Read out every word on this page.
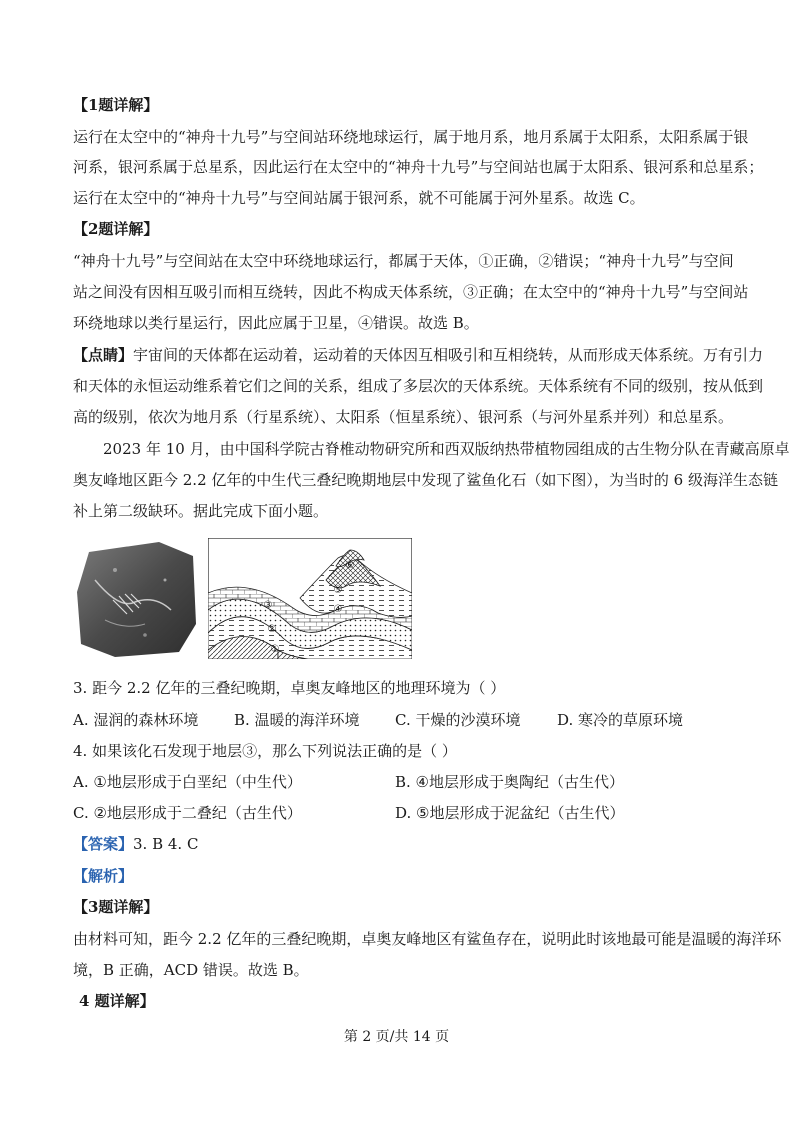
【1题详解】
运行在太空中的“神舟十九号”与空间站环绕地球运行，属于地月系，地月系属于太阳系，太阳系属于银
河系，银河系属于总星系，因此运行在太空中的“神舟十九号”与空间站也属于太阳系、银河系和总星系；
运行在太空中的“神舟十九号”与空间站属于银河系，就不可能属于河外星系。故选 C。
【2题详解】
“神舟十九号”与空间站在太空中环绕地球运行，都属于天体，①正确，②错误；“神舟十九号”与空间
站之间没有因相互吸引而相互绕转，因此不构成天体系统，③正确；在太空中的“神舟十九号”与空间站
环绕地球以类行星运行，因此应属于卫星，④错误。故选 B。
【点睛】宇宙间的天体都在运动着，运动着的天体因互相吸引和互相绕转，从而形成天体系统。万有引力
和天体的永恒运动维系着它们之间的关系，组成了多层次的天体系统。天体系统有不同的级别，按从低到
高的级别，依次为地月系（行星系统）、太阳系（恒星系统）、银河系（与河外星系并列）和总星系。
2023 年 10 月，由中国科学院古脊椎动物研究所和西双版纳热带植物园组成的古生物分队在青藏高原卓
奥友峰地区距今 2.2 亿年的中生代三叠纪晚期地层中发现了鲨鱼化石（如下图），为当时的 6 级海洋生态链
补上第二级缺环。据此完成下面小题。
①
②
③	④
⑤
⑥
3. 距今 2.2 亿年的三叠纪晚期，卓奥友峰地区的地理环境为（ ）
A. 湿润的森林环境 B. 温暖的海洋环境 C. 干燥的沙漠环境 D. 寒冷的草原环境
4. 如果该化石发现于地层③，那么下列说法正确的是（ ）
A. ①地层形成于白垩纪（中生代）	B. ④地层形成于奥陶纪（古生代）
C. ②地层形成于二叠纪（古生代）	D. ⑤地层形成于泥盆纪（古生代）
【答案】3. B 4. C
【解析】
【3题详解】
由材料可知，距今 2.2 亿年的三叠纪晚期，卓奥友峰地区有鲨鱼存在，说明此时该地最可能是温暖的海洋环
境，B 正确，ACD 错误。故选 B。
4 题详解】
第 2 页/共 14 页
